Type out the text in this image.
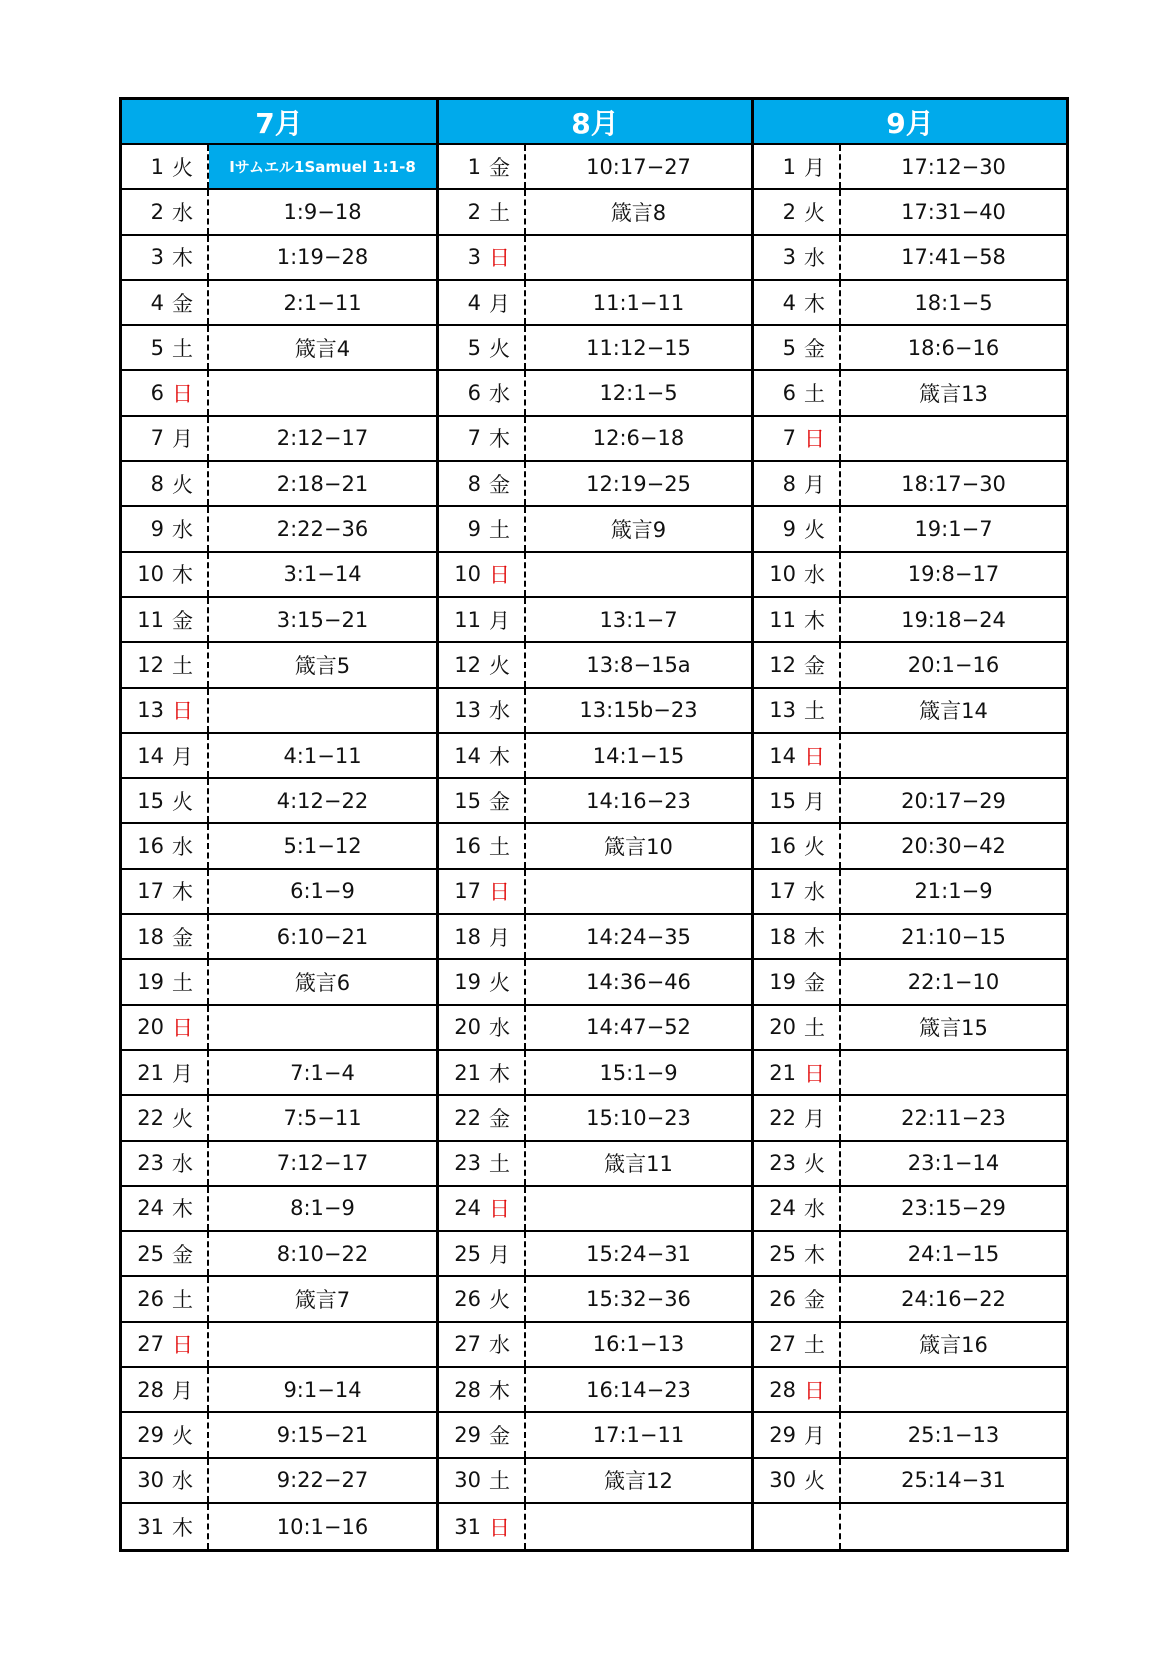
7月
1 火	Ⅰサムエル1Samuel 1:1-8
2 水	1:9−18
3 木	1:19−28
4 金	2:1−11
5 土	箴言4
6 日
7 月	2:12−17
8 火	2:18−21
9 水	2:22−36
10 木	3:1−14
11 金	3:15−21
12 土	箴言5
13 日
14 月	4:1−11
15 火	4:12−22
16 水	5:1−12
17 木	6:1−9
18 金	6:10−21
19 土	箴言6
20 日
21 月	7:1−4
22 火	7:5−11
23 水	7:12−17
24 木	8:1−9
25 金	8:10−22
26 土	箴言7
27 日
28 月	9:1−14
29 火	9:15−21
30 水	9:22−27
31 木	10:1−16
8月
1 金	10:17−27
2 土	箴言8
3 日
4 月	11:1−11
5 火	11:12−15
6 水	12:1−5
7 木	12:6−18
8 金	12:19−25
9 土	箴言9
10 日
11 月	13:1−7
12 火	13:8−15a
13 水	13:15b−23
14 木	14:1−15
15 金	14:16−23
16 土	箴言10
17 日
18 月	14:24−35
19 火	14:36−46
20 水	14:47−52
21 木	15:1−9
22 金	15:10−23
23 土	箴言11
24 日
25 月	15:24−31
26 火	15:32−36
27 水	16:1−13
28 木	16:14−23
29 金	17:1−11
30 土	箴言12
31 日
9月
1 月	17:12−30
2 火	17:31−40
3 水	17:41−58
4 木	18:1−5
5 金	18:6−16
6 土	箴言13
7 日
8 月	18:17−30
9 火	19:1−7
10 水	19:8−17
11 木	19:18−24
12 金	20:1−16
13 土	箴言14
14 日
15 月	20:17−29
16 火	20:30−42
17 水	21:1−9
18 木	21:10−15
19 金	22:1−10
20 土	箴言15
21 日
22 月	22:11−23
23 火	23:1−14
24 水	23:15−29
25 木	24:1−15
26 金	24:16−22
27 土	箴言16
28 日
29 月	25:1−13
30 火	25:14−31
